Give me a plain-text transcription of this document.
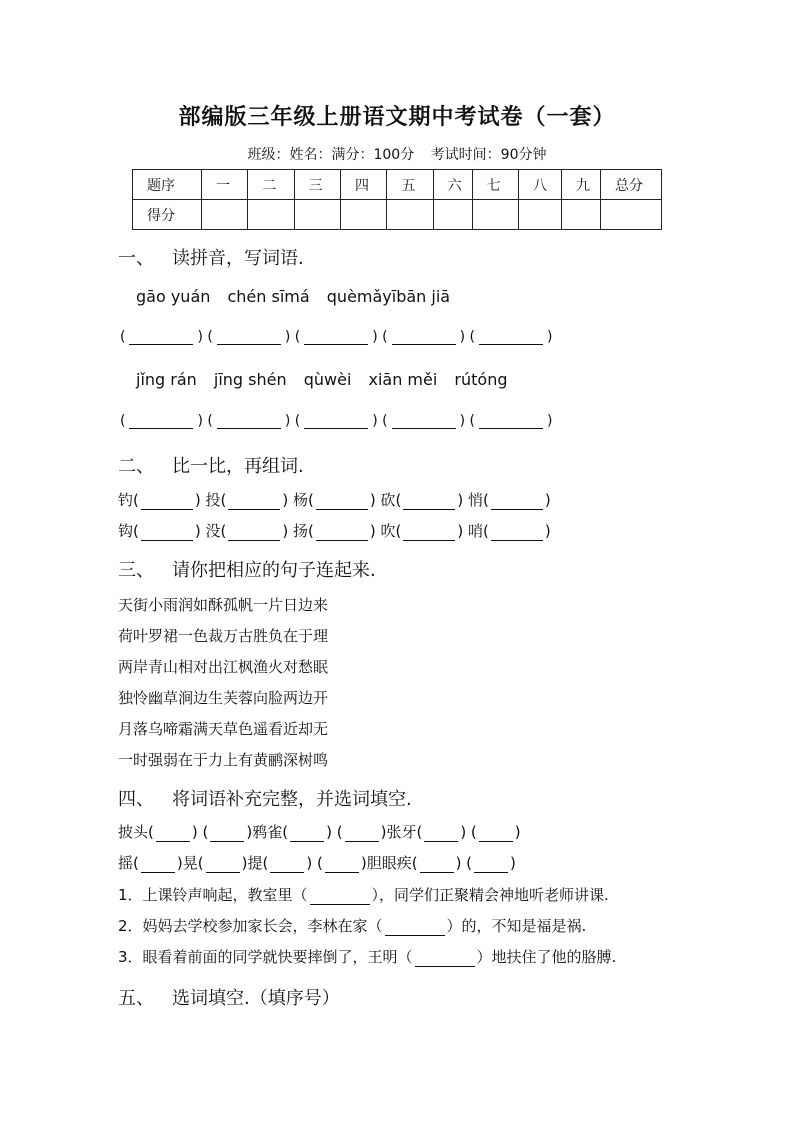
部编版三年级上册语文期中考试卷（一套）
班级：姓名：满分：100分 考试时间：90分钟
题序	一	二	三	四	五	六	七	八	九	总分
得分										
一、 读拼音，写词语.
gāo yuán chén sīmá quèmǎyībān jiā
(	) (	) (	) (	) (	)
jǐng rán jīng shén qùwèi xiān měi rútóng
(	) (	) (	) (	) (	)
二、 比一比，再组词.
钓(	) 投(	) 杨(	) 砍(	) 悄(	)
钩(	) 没(	) 扬(	) 吹(	) 哨(	)
三、 请你把相应的句子连起来.
天街小雨润如酥孤帆一片日边来
荷叶罗裙一色裁万古胜负在于理
两岸青山相对出江枫渔火对愁眠
独怜幽草涧边生芙蓉向脸两边开
月落乌啼霜满天草色遥看近却无
一时强弱在于力上有黄鹂深树鸣
四、 将词语补充完整，并选词填空.
披头(	) (	)鸦雀(	) (	)张牙(	) (	)
摇(	)晃(	)提(	) (	)胆眼疾(	) (	)
1．上课铃声响起，教室里（	），同学们正聚精会神地听老师讲课.
2．妈妈去学校参加家长会，李林在家（	）的，不知是福是祸.
3．眼看着前面的同学就快要摔倒了，王明（	）地扶住了他的胳膊.
五、 选词填空.（填序号）
